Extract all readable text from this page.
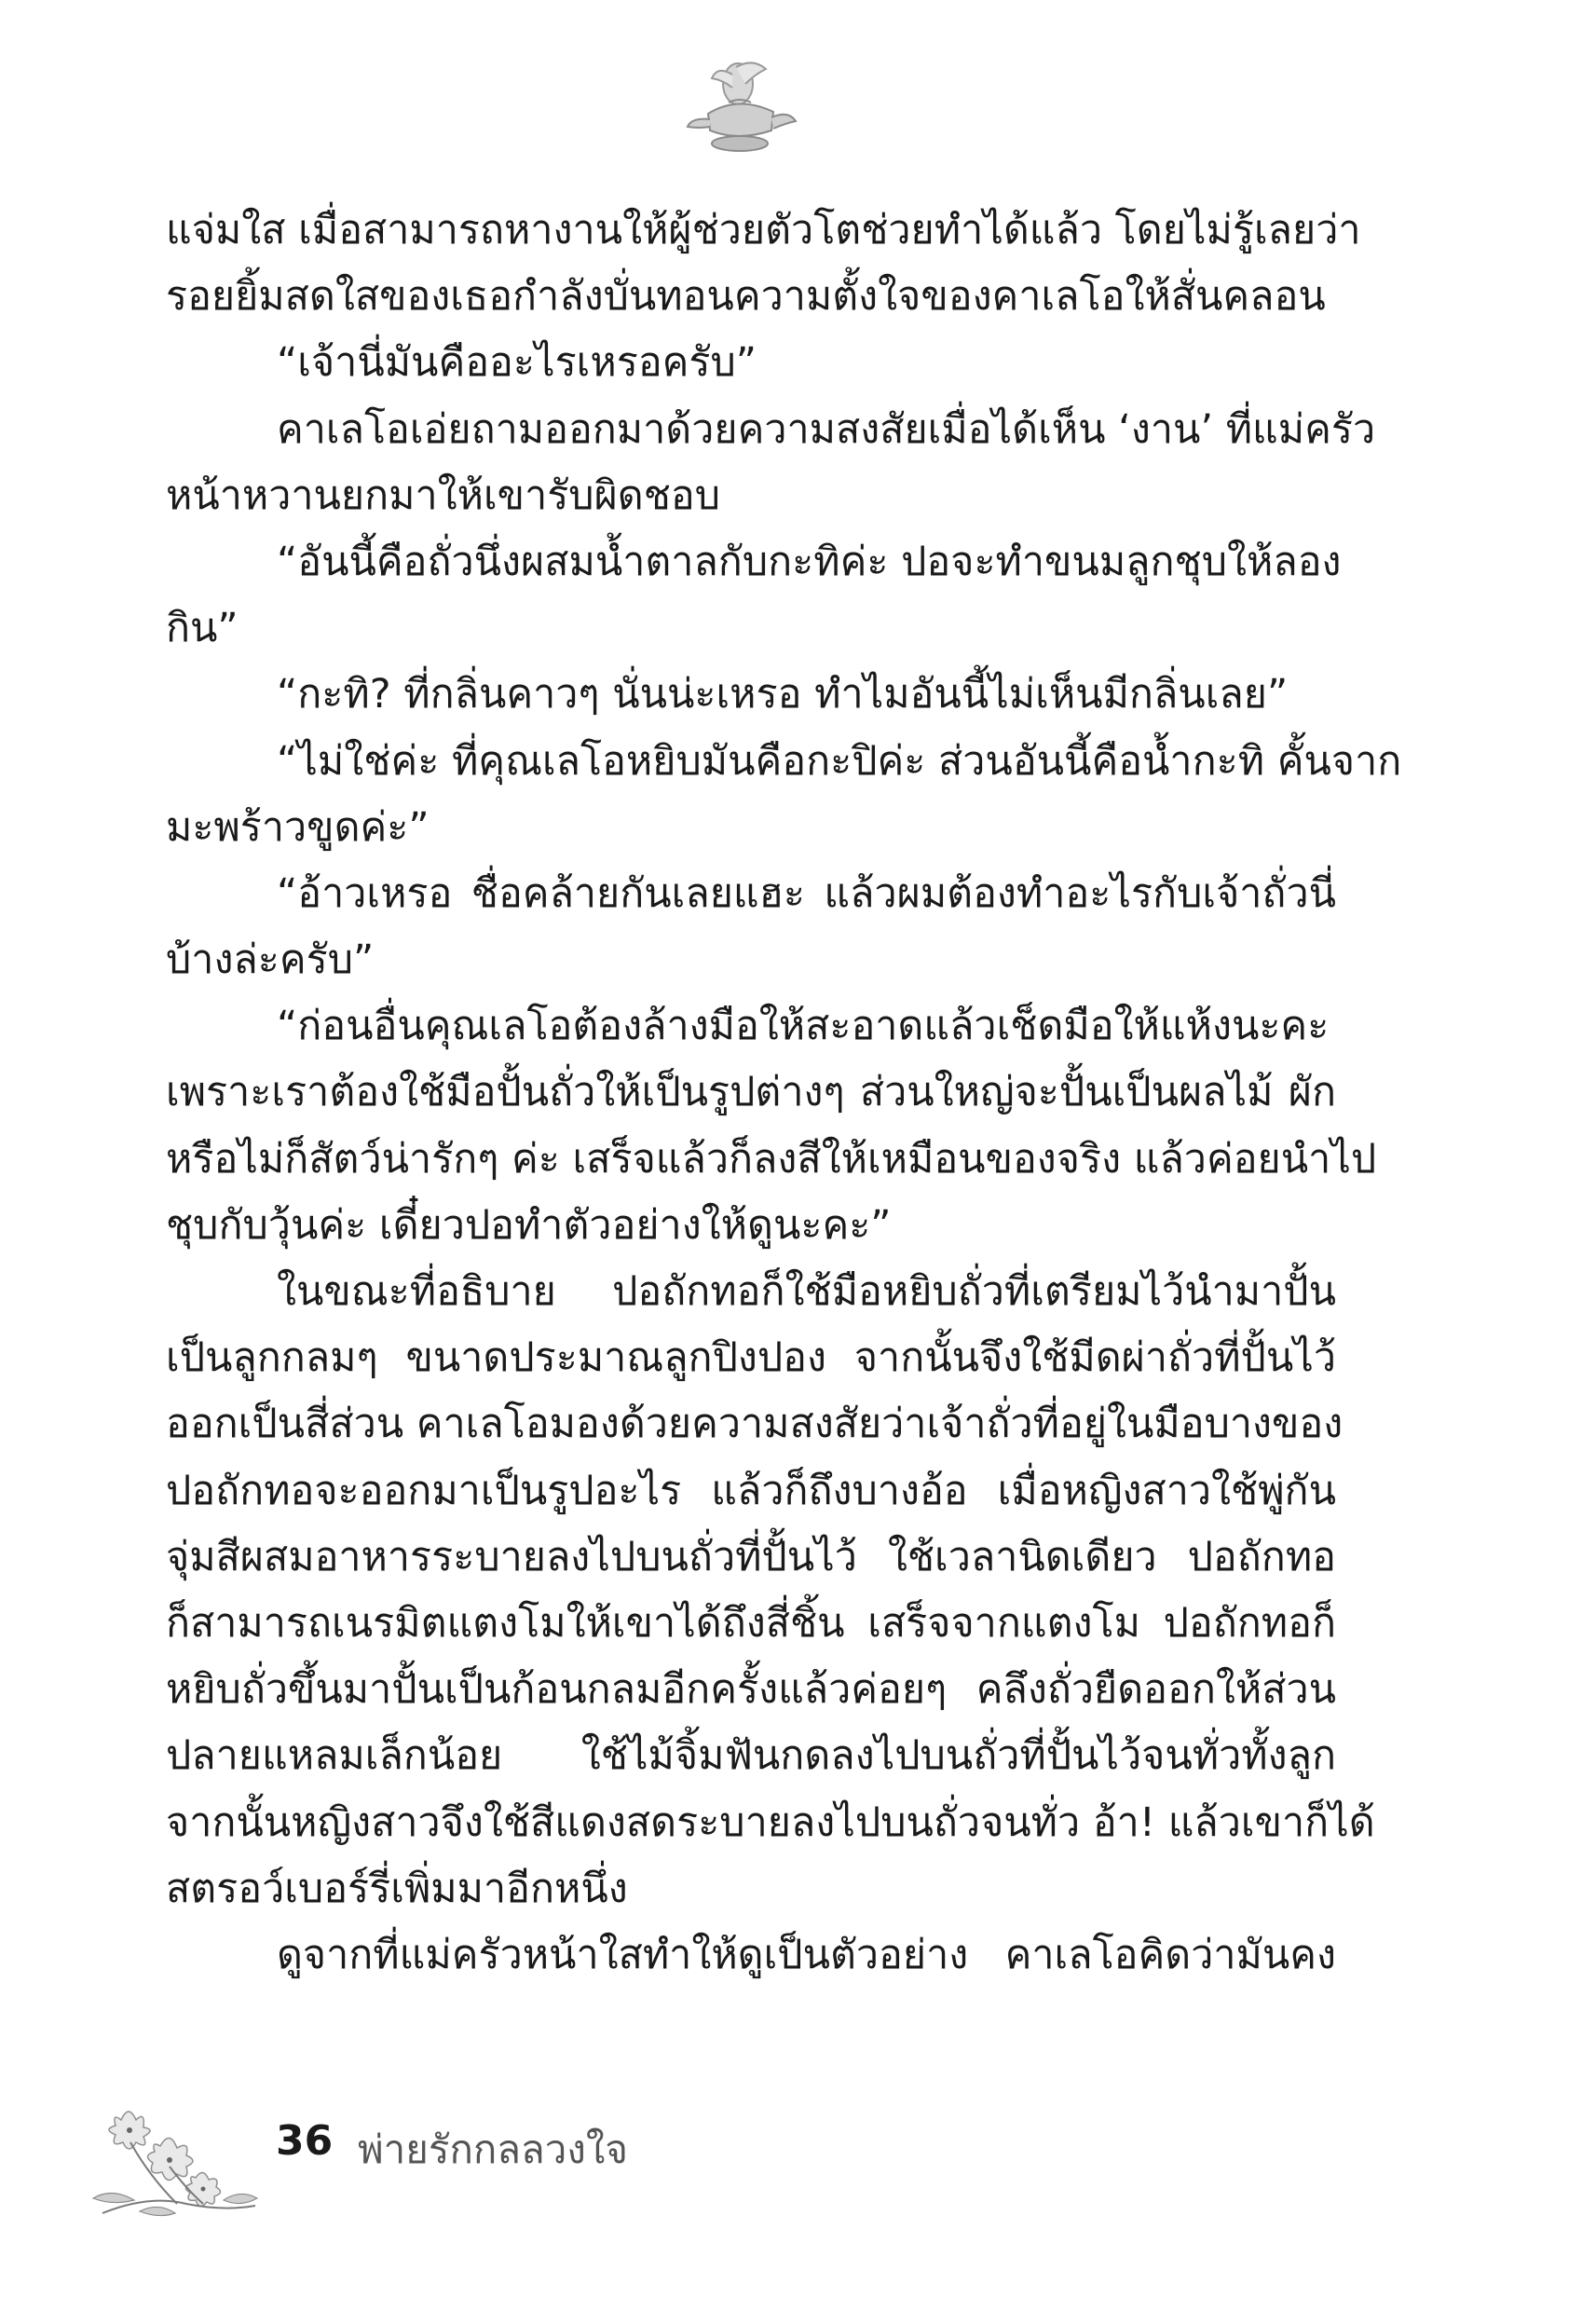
แจ่มใส เมื่อสามารถหางานให้ผู้ช่วยตัวโตช่วยทำได้แล้ว โดยไม่รู้เลยว่า
รอยยิ้มสดใสของเธอกำลังบั่นทอนความตั้งใจของคาเลโอให้สั่นคลอน
“เจ้านี่มันคืออะไรเหรอครับ”
คาเลโอเอ่ยถามออกมาด้วยความสงสัยเมื่อได้เห็น ‘งาน’ ที่แม่ครัว
หน้าหวานยกมาให้เขารับผิดชอบ
“อันนี้คือถั่วนึ่งผสมน้ำตาลกับกะทิค่ะ ปอจะทำขนมลูกชุบให้ลอง
กิน”
“กะทิ? ที่กลิ่นคาวๆ นั่นน่ะเหรอ ทำไมอันนี้ไม่เห็นมีกลิ่นเลย”
“ไม่ใช่ค่ะ ที่คุณเลโอหยิบมันคือกะปิค่ะ ส่วนอันนี้คือน้ำกะทิ คั้นจาก
มะพร้าวขูดค่ะ”
“อ้าวเหรอ ชื่อคล้ายกันเลยแฮะ แล้วผมต้องทำอะไรกับเจ้าถั่วนี่
บ้างล่ะครับ”
“ก่อนอื่นคุณเลโอต้องล้างมือให้สะอาดแล้วเช็ดมือให้แห้งนะคะ
เพราะเราต้องใช้มือปั้นถั่วให้เป็นรูปต่างๆ ส่วนใหญ่จะปั้นเป็นผลไม้ ผัก
หรือไม่ก็สัตว์น่ารักๆ ค่ะ เสร็จแล้วก็ลงสีให้เหมือนของจริง แล้วค่อยนำไป
ชุบกับวุ้นค่ะ เดี๋ยวปอทำตัวอย่างให้ดูนะคะ”
ในขณะที่อธิบาย ปอถักทอก็ใช้มือหยิบถั่วที่เตรียมไว้นำมาปั้น
เป็นลูกกลมๆ ขนาดประมาณลูกปิงปอง จากนั้นจึงใช้มีดผ่าถั่วที่ปั้นไว้
ออกเป็นสี่ส่วน คาเลโอมองด้วยความสงสัยว่าเจ้าถั่วที่อยู่ในมือบางของ
ปอถักทอจะออกมาเป็นรูปอะไร แล้วก็ถึงบางอ้อ เมื่อหญิงสาวใช้พู่กัน
จุ่มสีผสมอาหารระบายลงไปบนถั่วที่ปั้นไว้ ใช้เวลานิดเดียว ปอถักทอ
ก็สามารถเนรมิตแตงโมให้เขาได้ถึงสี่ชิ้น เสร็จจากแตงโม ปอถักทอก็
หยิบถั่วขึ้นมาปั้นเป็นก้อนกลมอีกครั้งแล้วค่อยๆ คลึงถั่วยืดออกให้ส่วน
ปลายแหลมเล็กน้อย ใช้ไม้จิ้มฟันกดลงไปบนถั่วที่ปั้นไว้จนทั่วทั้งลูก
จากนั้นหญิงสาวจึงใช้สีแดงสดระบายลงไปบนถั่วจนทั่ว อ้า! แล้วเขาก็ได้
สตรอว์เบอร์รี่เพิ่มมาอีกหนึ่ง
ดูจากที่แม่ครัวหน้าใสทำให้ดูเป็นตัวอย่าง คาเลโอคิดว่ามันคง
36 พ่ายรักกลลวงใจ
